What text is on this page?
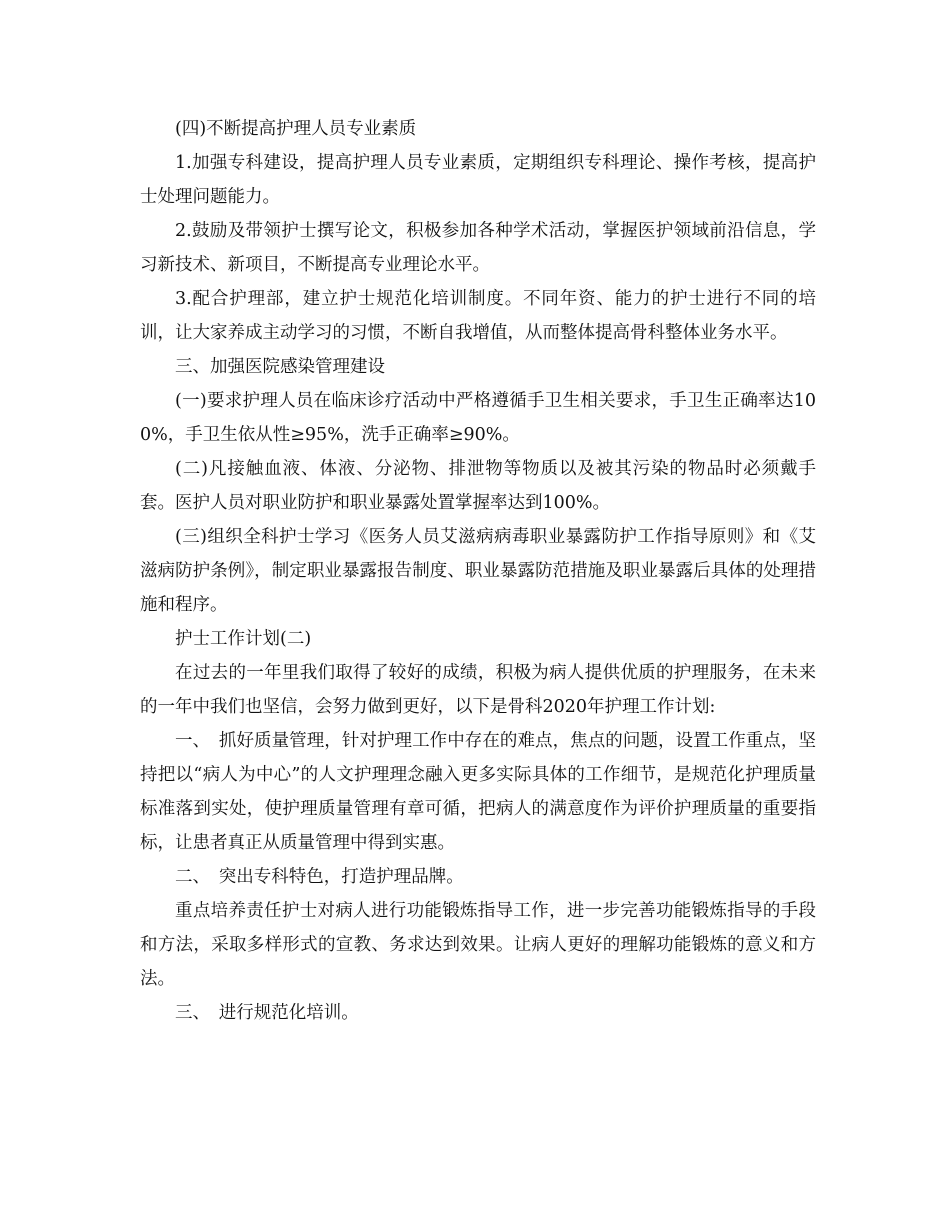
(四)不断提高护理人员专业素质

1.加强专科建设，提高护理人员专业素质，定期组织专科理论、操作考核，提高护士处理问题能力。

2.鼓励及带领护士撰写论文，积极参加各种学术活动，掌握医护领域前沿信息，学习新技术、新项目，不断提高专业理论水平。

3.配合护理部，建立护士规范化培训制度。不同年资、能力的护士进行不同的培训，让大家养成主动学习的习惯，不断自我增值，从而整体提高骨科整体业务水平。

三、加强医院感染管理建设

(一)要求护理人员在临床诊疗活动中严格遵循手卫生相关要求，手卫生正确率达100%，手卫生依从性≥95%，洗手正确率≥90%。

(二)凡接触血液、体液、分泌物、排泄物等物质以及被其污染的物品时必须戴手套。医护人员对职业防护和职业暴露处置掌握率达到100%。

(三)组织全科护士学习《医务人员艾滋病病毒职业暴露防护工作指导原则》和《艾滋病防护条例》，制定职业暴露报告制度、职业暴露防范措施及职业暴露后具体的处理措施和程序。

护士工作计划(二)

在过去的一年里我们取得了较好的成绩，积极为病人提供优质的护理服务，在未来的一年中我们也坚信，会努力做到更好，以下是骨科2020年护理工作计划:

一、　抓好质量管理，针对护理工作中存在的难点，焦点的问题，设置工作重点，坚持把以“病人为中心”的人文护理理念融入更多实际具体的工作细节，是规范化护理质量标准落到实处，使护理质量管理有章可循，把病人的满意度作为评价护理质量的重要指标，让患者真正从质量管理中得到实惠。

二、　突出专科特色，打造护理品牌。

重点培养责任护士对病人进行功能锻炼指导工作，进一步完善功能锻炼指导的手段和方法，采取多样形式的宣教、务求达到效果。让病人更好的理解功能锻炼的意义和方法。

三、　进行规范化培训。
